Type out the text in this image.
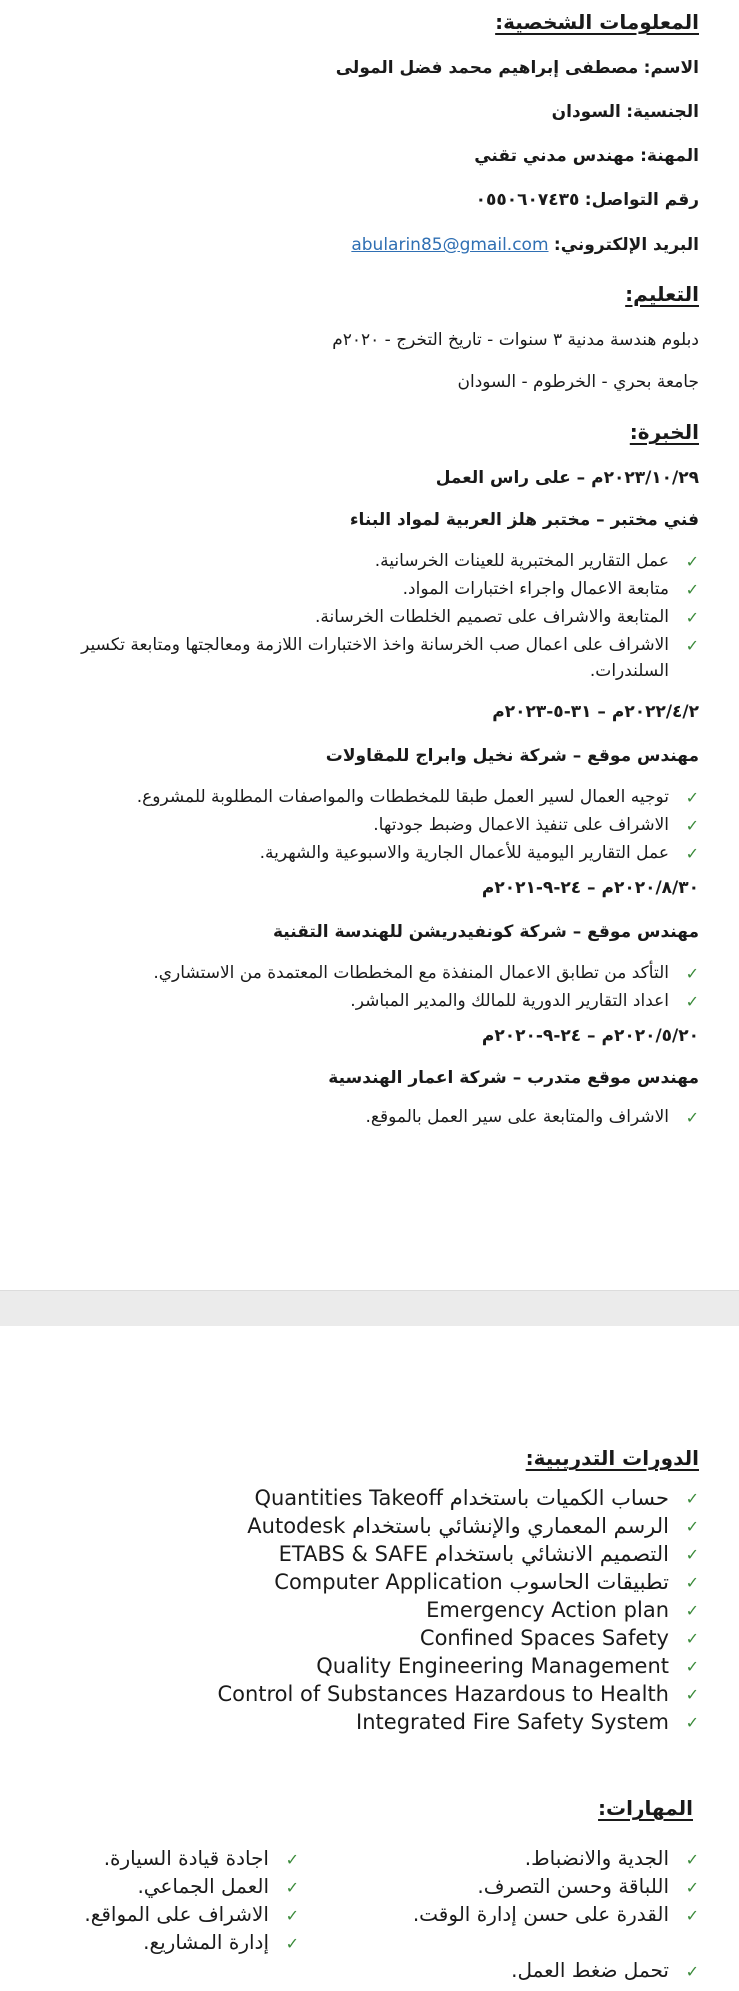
المعلومات الشخصية:
الاسم: مصطفى إبراهيم محمد فضل المولى
الجنسية: السودان
المهنة: مهندس مدني تقني
رقم التواصل: ٠٥٥٠٦٠٧٤٣٥
البريد الإلكتروني: abularin85@gmail.com
التعليم:
دبلوم هندسة مدنية ٣ سنوات - تاريخ التخرج - ٢٠٢٠م
جامعة بحري - الخرطوم - السودان
الخبرة:
٢٠٢٣/١٠/٢٩م – على راس العمل
فني مختبر – مختبر هلز العربية لمواد البناء
✓
عمل التقارير المختبرية للعينات الخرسانية.
✓
متابعة الاعمال واجراء اختبارات المواد.
✓
المتابعة والاشراف على تصميم الخلطات الخرسانة.
✓
الاشراف على اعمال صب الخرسانة واخذ الاختبارات اللازمة ومعالجتها ومتابعة تكسير السلندرات.
٢٠٢٢/٤/٢م – ٣١-٥-٢٠٢٣م
مهندس موقع – شركة نخيل وابراج للمقاولات
✓
توجيه العمال لسير العمل طبقا للمخططات والمواصفات المطلوبة للمشروع.
✓
الاشراف على تنفيذ الاعمال وضبط جودتها.
✓
عمل التقارير اليومية للأعمال الجارية والاسبوعية والشهرية.
٢٠٢٠/٨/٣٠م – ٢٤-٩-٢٠٢١م
مهندس موقع – شركة كونفيدريشن للهندسة التقنية
✓
التأكد من تطابق الاعمال المنفذة مع المخططات المعتمدة من الاستشاري.
✓
اعداد التقارير الدورية للمالك والمدير المباشر.
٢٠٢٠/٥/٢٠م – ٢٤-٩-٢٠٢٠م
مهندس موقع متدرب – شركة اعمار الهندسية
✓
الاشراف والمتابعة على سير العمل بالموقع.
الدورات التدريبية:
✓
حساب الكميات باستخدام Quantities Takeoff
✓
الرسم المعماري والإنشائي باستخدام Autodesk
✓
التصميم الانشائي باستخدام ETABS & SAFE
✓
تطبيقات الحاسوب Computer Application
✓
Emergency Action plan
✓
Confined Spaces Safety
✓
Quality Engineering Management
✓
Control of Substances Hazardous to Health
✓
Integrated Fire Safety System
المهارات:
✓
الجدية والانضباط.
✓
اللباقة وحسن التصرف.
✓
القدرة على حسن إدارة الوقت.
✓
تحمل ضغط العمل.
✓
اجادة قيادة السيارة.
✓
العمل الجماعي.
✓
الاشراف على المواقع.
✓
إدارة المشاريع.
